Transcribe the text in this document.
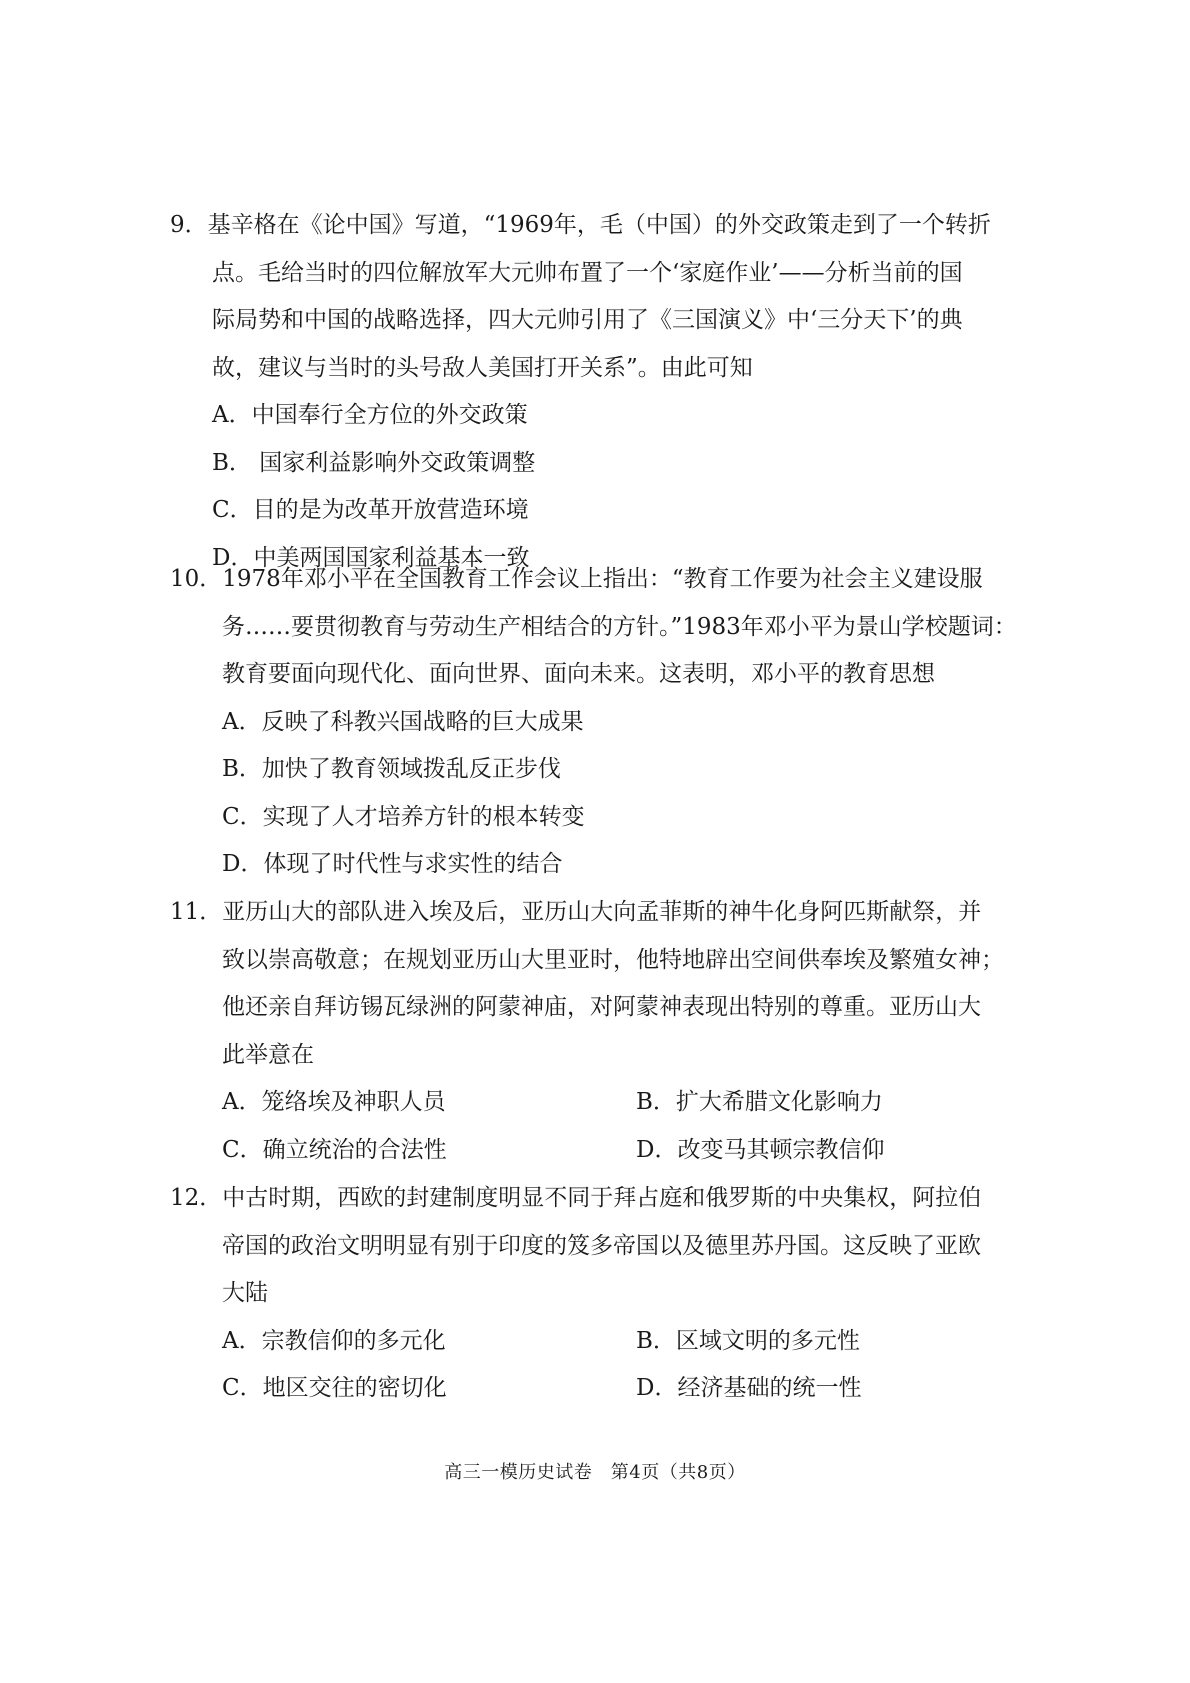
9．基辛格在《论中国》写道，“1969年，毛（中国）的外交政策走到了一个转折
点。毛给当时的四位解放军大元帅布置了一个‘家庭作业’——分析当前的国
际局势和中国的战略选择，四大元帅引用了《三国演义》中‘三分天下’的典
故，建议与当时的头号敌人美国打开关系”。由此可知
A．中国奉行全方位的外交政策
B． 国家利益影响外交政策调整
C．目的是为改革开放营造环境
D．中美两国国家利益基本一致
10．1978年邓小平在全国教育工作会议上指出：“教育工作要为社会主义建设服
务……要贯彻教育与劳动生产相结合的方针。”1983年邓小平为景山学校题词：
教育要面向现代化、面向世界、面向未来。这表明，邓小平的教育思想
A．反映了科教兴国战略的巨大成果
B．加快了教育领域拨乱反正步伐
C．实现了人才培养方针的根本转变
D．体现了时代性与求实性的结合
11．亚历山大的部队进入埃及后，亚历山大向孟菲斯的神牛化身阿匹斯献祭，并
致以崇高敬意；在规划亚历山大里亚时，他特地辟出空间供奉埃及繁殖女神；
他还亲自拜访锡瓦绿洲的阿蒙神庙，对阿蒙神表现出特别的尊重。亚历山大
此举意在
A．笼络埃及神职人员	B．扩大希腊文化影响力
C．确立统治的合法性	D．改变马其顿宗教信仰
12．中古时期，西欧的封建制度明显不同于拜占庭和俄罗斯的中央集权，阿拉伯
帝国的政治文明明显有别于印度的笈多帝国以及德里苏丹国。这反映了亚欧
大陆
A．宗教信仰的多元化	B．区域文明的多元性
C．地区交往的密切化	D．经济基础的统一性
高三一模历史试卷　第4页（共8页）
